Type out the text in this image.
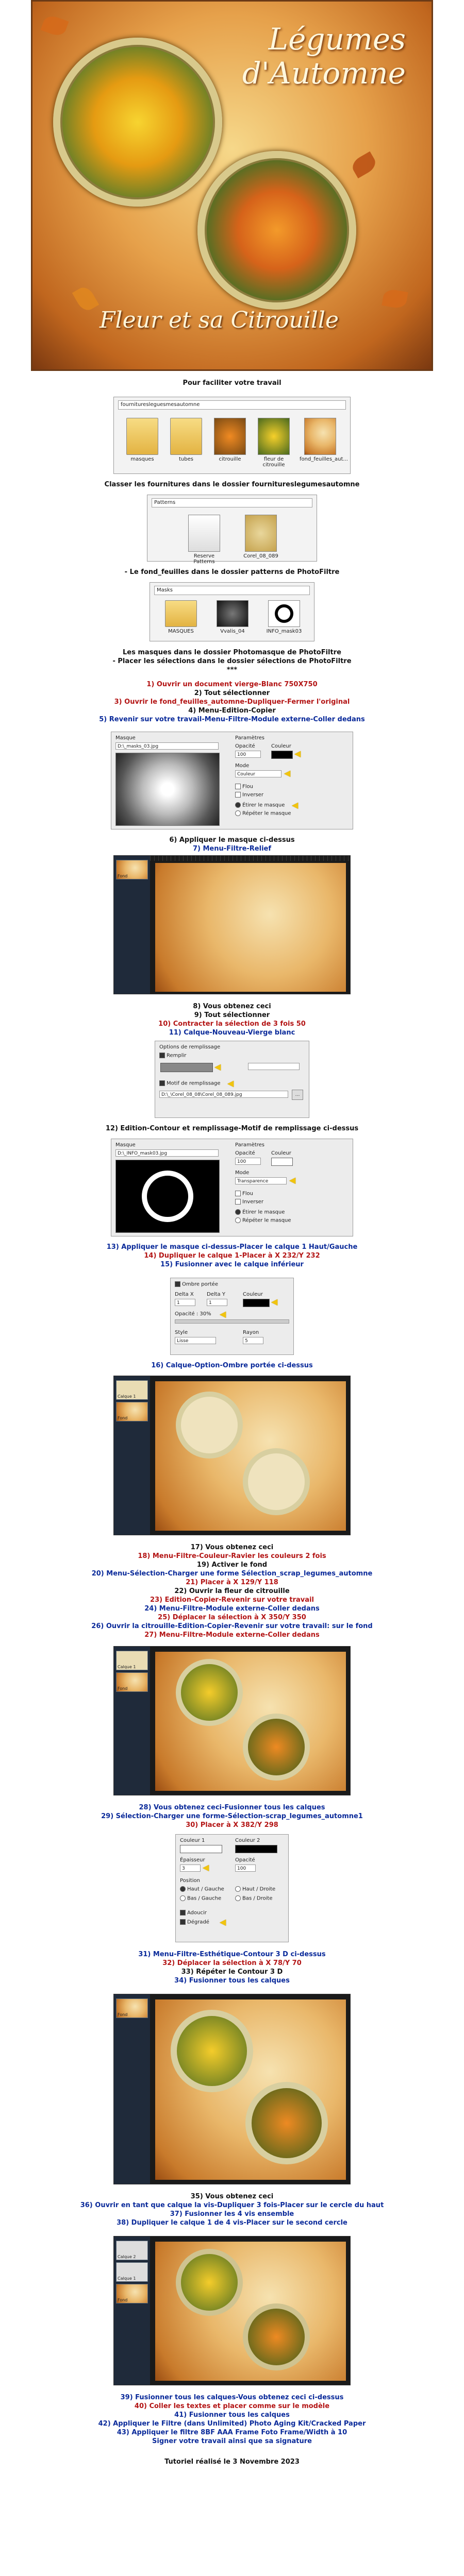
Légumes
d'Automne
Fleur et sa Citrouille
Pour faciliter votre travail
fournituresleguesmesautomne
masques	tubes	citrouille	fleur de citrouille
fond_feuilles_aut...
Classer les fournitures dans le dossier fournitureslegumesautomne
Patterns
Reserve Patterns
Corel_08_089
- Le fond_feuilles dans le dossier patterns de PhotoFiltre
Masks
MASQUES	Vvalis_04	INFO_mask03
Les masques dans le dossier Photomasque de PhotoFiltre
- Placer les sélections dans le dossier sélections de PhotoFiltre
***
1) Ouvrir un document vierge-Blanc 750X750
2) Tout sélectionner
3) Ouvrir le fond_feuilles_automne-Dupliquer-Fermer l'original
4) Menu-Edition-Copier
5) Revenir sur votre travail-Menu-Filtre-Module externe-Coller dedans
Masque
D:\_masks_03.jpg
Paramètres
Opacité
100
Couleur
◀
Mode
Couleur	◀
Flou
Inverser
Étirer le masque ◀
Répéter le masque
6) Appliquer le masque ci-dessus
7) Menu-Filtre-Relief
Fond
8) Vous obtenez ceci
9) Tout sélectionner
10) Contracter la sélection de 3 fois 50
11) Calque-Nouveau-Vierge blanc
Options de remplissage
Remplir
◀
Motif de remplissage ◀
D:\_\Corel_08_08\Corel_08_089.jpg	…
12) Edition-Contour et remplissage-Motif de remplissage ci-dessus
Masque
D:\_INFO_mask03.jpg
Paramètres
Opacité
100
Couleur
Mode
Transparence	◀
Flou
Inverser
Étirer le masque
Répéter le masque
13) Appliquer le masque ci-dessus-Placer le calque 1 Haut/Gauche
14) Dupliquer le calque 1-Placer à X 232/Y 232
15) Fusionner avec le calque inférieur
Ombre portée
Delta X
1
Delta Y
1
Couleur
◀
Opacité : 30% ◀
Style
Lisse
Rayon
5
16) Calque-Option-Ombre portée ci-dessus
Calque 1
Fond
17) Vous obtenez ceci
18) Menu-Filtre-Couleur-Ravier les couleurs 2 fois
19) Activer le fond
20) Menu-Sélection-Charger une forme Sélection_scrap_legumes_automne
21) Placer à X 129/Y 118
22) Ouvrir la fleur de citrouille
23) Edition-Copier-Revenir sur votre travail
24) Menu-Filtre-Module externe-Coller dedans
25) Déplacer la sélection à X 350/Y 350
26) Ouvrir la citrouille-Edition-Copier-Revenir sur votre travail: sur le fond
27) Menu-Filtre-Module externe-Coller dedans
Calque 1
Fond
28) Vous obtenez ceci-Fusionner tous les calques
29) Sélection-Charger une forme-Sélection-scrap_legumes_automne1
30) Placer à X 382/Y 298
Couleur 1	Couleur 2
Épaisseur
3	◀
Opacité
100
Position
Haut / Gauche	Haut / Droite
Bas / Gauche	Bas / Droite
Adoucir
Dégradé ◀
31) Menu-Filtre-Esthétique-Contour 3 D ci-dessus
32) Déplacer la sélection à X 78/Y 70
33) Répéter le Contour 3 D
34) Fusionner tous les calques
Fond
35) Vous obtenez ceci
36) Ouvrir en tant que calque la vis-Dupliquer 3 fois-Placer sur le cercle du haut
37) Fusionner les 4 vis ensemble
38) Dupliquer le calque 1 de 4 vis-Placer sur le second cercle
Calque 2
Calque 1
Fond
39) Fusionner tous les calques-Vous obtenez ceci ci-dessus
40) Coller les textes et placer comme sur le modèle
41) Fusionner tous les calques
42) Appliquer le Filtre (dans Unlimited) Photo Aging Kit/Cracked Paper
43) Appliquer le filtre 8BF AAA Frame Foto Frame/Width à 10
Signer votre travail ainsi que sa signature
Tutoriel réalisé le 3 Novembre 2023
